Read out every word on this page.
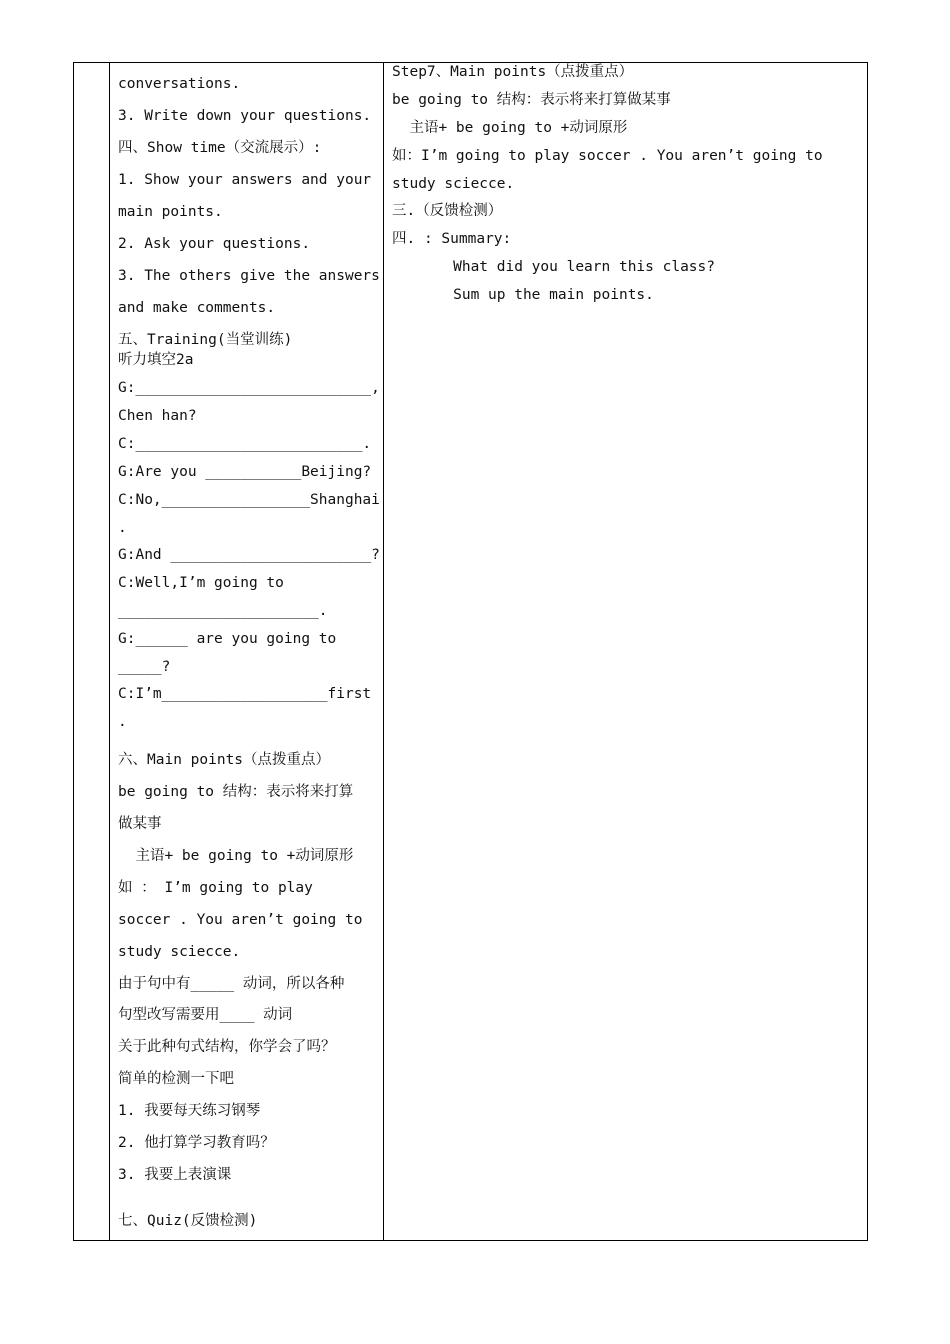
conversations.
3. Write down your questions.
四、Show time（交流展示）:
1. Show your answers and your
main points.
2. Ask your questions.
3. The others give the answers
and make comments.
五、Training(当堂训练)
听力填空2a
G:___________________________,
Chen han?
C:__________________________.
G:Are you ___________Beijing?
C:No,_________________Shanghai
.
G:And _______________________?
C:Well,I’m going to
_______________________.
G:______ are you going to
_____?
C:I’m___________________first
.
六、Main points（点拨重点）
be going to 结构：表示将来打算
做某事
主语+ be going to +动词原形
如 ： I’m going to play
soccer . You aren’t going to
study sciecce.
由于句中有_____ 动词，所以各种
句型改写需要用____ 动词
关于此种句式结构，你学会了吗？
简单的检测一下吧
1. 我要每天练习钢琴
2. 他打算学习教育吗？
3. 我要上表演课
七、Quiz(反馈检测)
Step7、Main points（点拨重点）
be going to 结构：表示将来打算做某事
主语+ be going to +动词原形
如：I’m going to play soccer . You aren’t going to
study sciecce.
三.（反馈检测）
四. : Summary:
What did you learn this class?
Sum up the main points.
